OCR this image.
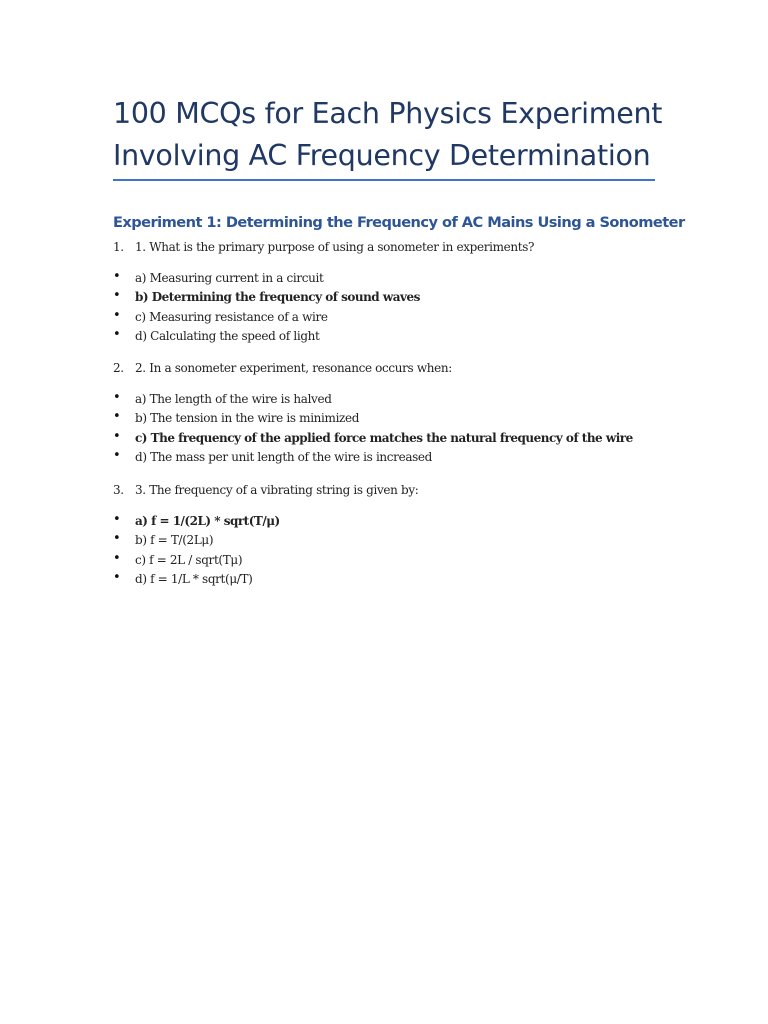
100 MCQs for Each Physics Experiment Involving AC Frequency Determination
Experiment 1: Determining the Frequency of AC Mains Using a Sonometer
1. 1. What is the primary purpose of using a sonometer in experiments?
• a) Measuring current in a circuit
• b) Determining the frequency of sound waves
• c) Measuring resistance of a wire
• d) Calculating the speed of light
2. 2. In a sonometer experiment, resonance occurs when:
• a) The length of the wire is halved
• b) The tension in the wire is minimized
• c) The frequency of the applied force matches the natural frequency of the wire
• d) The mass per unit length of the wire is increased
3. 3. The frequency of a vibrating string is given by:
• a) f = 1/(2L) * sqrt(T/μ)
• b) f = T/(2Lμ)
• c) f = 2L / sqrt(Tμ)
• d) f = 1/L * sqrt(μ/T)
